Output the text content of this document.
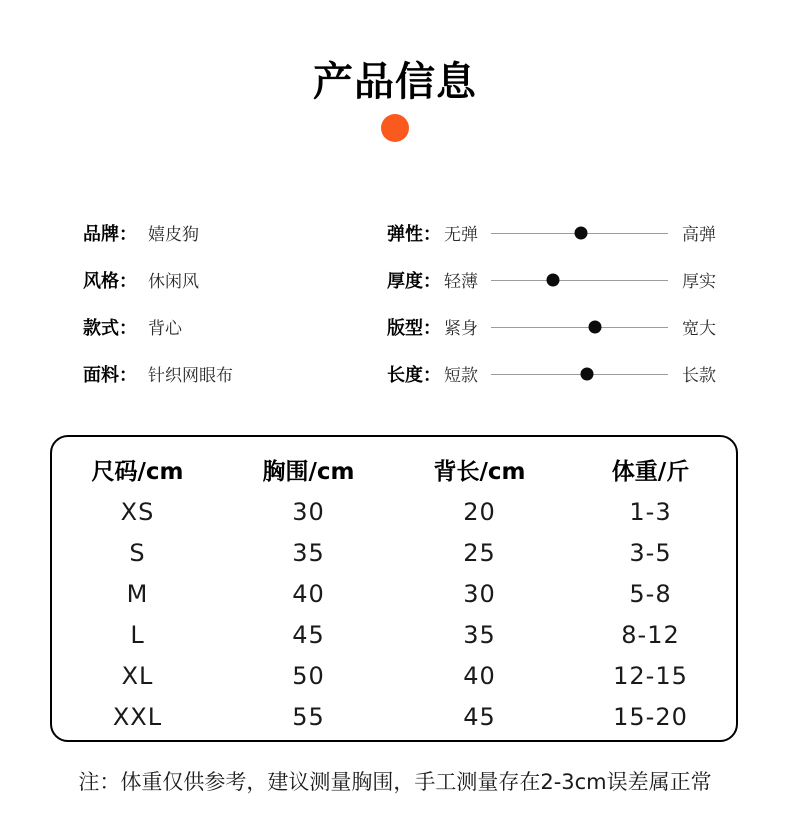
产品信息
品牌： 嬉皮狗
风格： 休闲风
款式： 背心
面料： 针织网眼布
弹性： 无弹	高弹
厚度： 轻薄	厚实
版型： 紧身	宽大
长度： 短款	长款
尺码/cm	胸围/cm	背长/cm	体重/斤
XS	30	20	1-3
S	35	25	3-5
M	40	30	5-8
L	45	35	8-12
XL	50	40	12-15
XXL	55	45	15-20
注：体重仅供参考，建议测量胸围，手工测量存在2-3cm误差属正常
